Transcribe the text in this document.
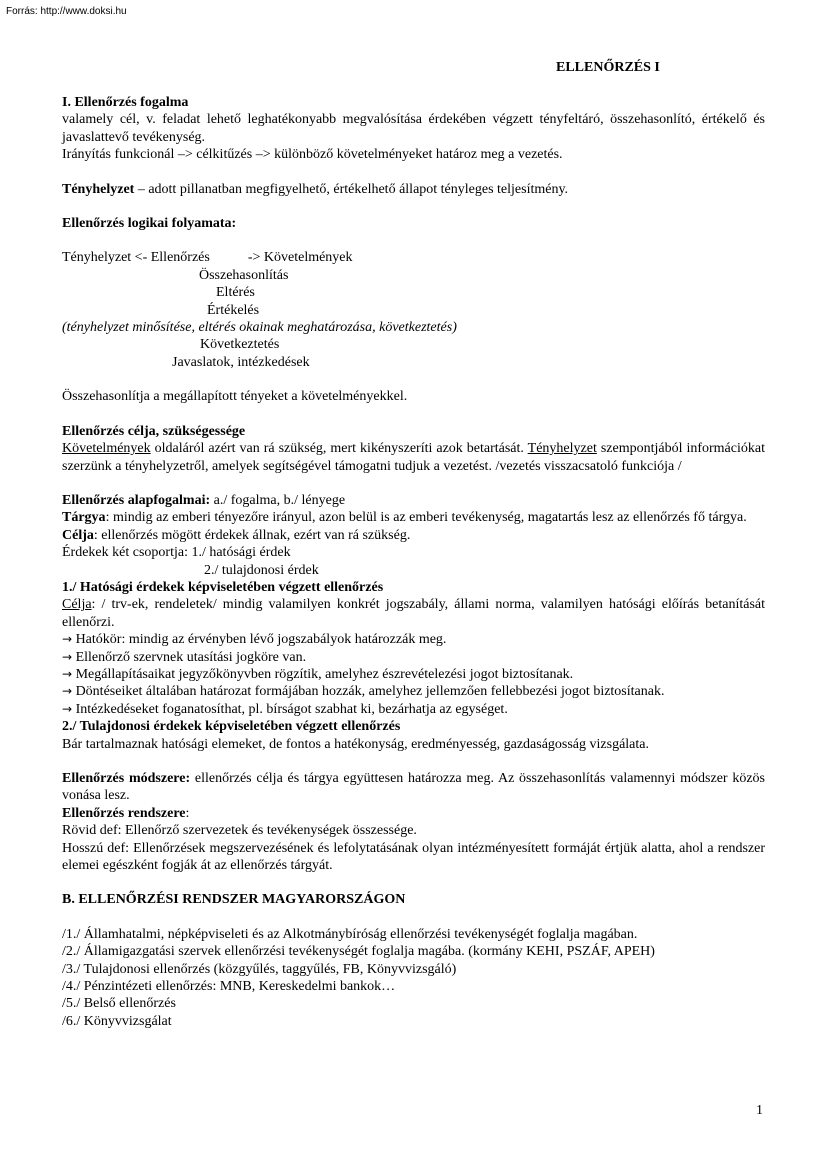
Forrás: http://www.doksi.hu
ELLENŐRZÉS I

I. Ellenőrzés fogalma

valamely cél, v. feladat lehető leghatékonyabb megvalósítása érdekében végzett tényfeltáró, összehasonlító, értékelő és javaslattevő tevékenység.

Irányítás funkcionál –> célkitűzés –> különböző követelményeket határoz meg a vezetés.

Tényhelyzet – adott pillanatban megfigyelhető, értékelhető állapot tényleges teljesítmény.

Ellenőrzés logikai folyamata:

Tényhelyzet <- Ellenőrzés	-> Követelmények

Összehasonlítás

Eltérés

Értékelés

(tényhelyzet minősítése, eltérés okainak meghatározása, következtetés)

Következtetés

Javaslatok, intézkedések

Összehasonlítja a megállapított tényeket a követelményekkel.

Ellenőrzés célja, szükségessége

Követelmények oldaláról azért van rá szükség, mert kikényszeríti azok betartását. Tényhelyzet szempontjából információkat szerzünk a tényhelyzetről, amelyek segítségével támogatni tudjuk a vezetést. /vezetés visszacsatoló funkciója /

Ellenőrzés alapfogalmai: a./ fogalma, b./ lényege

Tárgya: mindig az emberi tényezőre irányul, azon belül is az emberi tevékenység, magatartás lesz az ellenőrzés fő tárgya.

Célja: ellenőrzés mögött érdekek állnak, ezért van rá szükség.

Érdekek két csoportja: 1./ hatósági érdek

2./ tulajdonosi érdek

1./ Hatósági érdekek képviseletében végzett ellenőrzés

Célja: / trv-ek, rendeletek/ mindig valamilyen konkrét jogszabály, állami norma, valamilyen hatósági előírás betanítását ellenőrzi.

→ Hatókör: mindig az érvényben lévő jogszabályok határozzák meg.

→ Ellenőrző szervnek utasítási jogköre van.

→ Megállapításaikat jegyzőkönyvben rögzítik, amelyhez észrevételezési jogot biztosítanak.

→ Döntéseiket általában határozat formájában hozzák, amelyhez jellemzően fellebbezési jogot biztosítanak.

→ Intézkedéseket foganatosíthat, pl. bírságot szabhat ki, bezárhatja az egységet.

2./ Tulajdonosi érdekek képviseletében végzett ellenőrzés

Bár tartalmaznak hatósági elemeket, de fontos a hatékonyság, eredményesség, gazdaságosság vizsgálata.

Ellenőrzés módszere: ellenőrzés célja és tárgya együttesen határozza meg. Az összehasonlítás valamennyi módszer közös vonása lesz.

Ellenőrzés rendszere:

Rövid def: Ellenőrző szervezetek és tevékenységek összessége.

Hosszú def: Ellenőrzések megszervezésének és lefolytatásának olyan intézményesített formáját értjük alatta, ahol a rendszer elemei egészként fogják át az ellenőrzés tárgyát.

B. ELLENŐRZÉSI RENDSZER MAGYARORSZÁGON

/1./ Államhatalmi, népképviseleti és az Alkotmánybíróság ellenőrzési tevékenységét foglalja magában.

/2./ Államigazgatási szervek ellenőrzési tevékenységét foglalja magába. (kormány KEHI, PSZÁF, APEH)

/3./ Tulajdonosi ellenőrzés (közgyűlés, taggyűlés, FB, Könyvvizsgáló)

/4./ Pénzintézeti ellenőrzés: MNB, Kereskedelmi bankok…

/5./ Belső ellenőrzés

/6./ Könyvvizsgálat

1
